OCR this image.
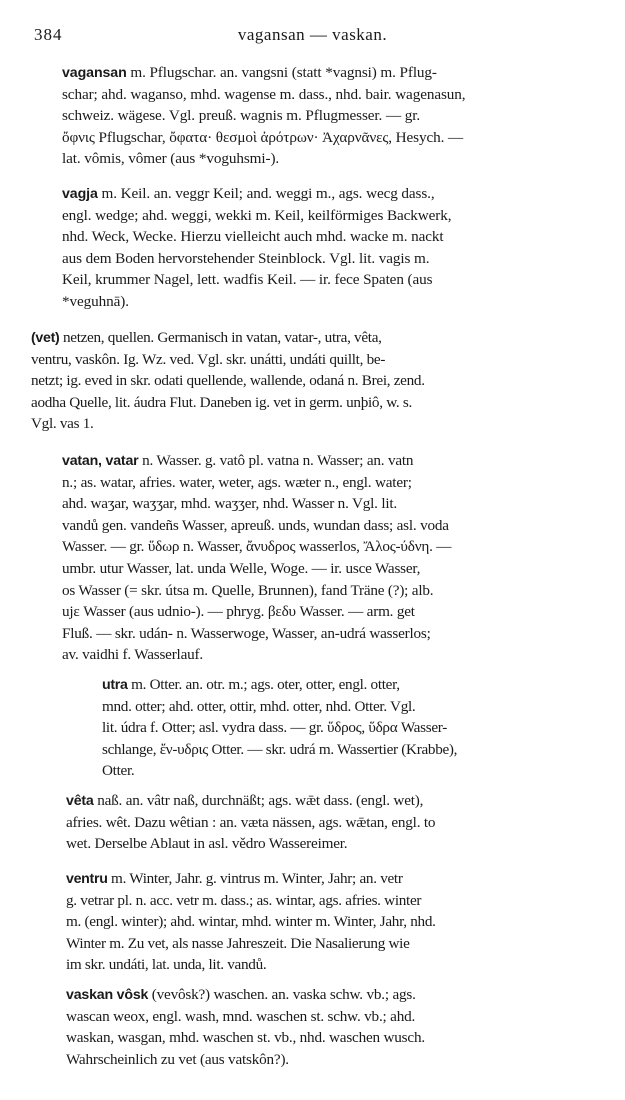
384	vagansan — vaskan.
vagansan m. Pflugschar. an. vangsni (statt *vagnsi) m. Pflug-
schar; ahd. waganso, mhd. wagense m. dass., nhd. bair. wagenasun,
schweiz. wägese. Vgl. preuß. wagnis m. Pflugmesser. — gr.
ὄφνις Pflugschar, ὄφατα· θεσμοὶ ἀρότρων· Ἀχαρνᾶνες, Hesych. —
lat. vômis, vômer (aus *voguhsmi-).
vagja m. Keil. an. veggr Keil; and. weggi m., ags. wecg dass.,
engl. wedge; ahd. weggi, wekki m. Keil, keilförmiges Backwerk,
nhd. Weck, Wecke. Hierzu vielleicht auch mhd. wacke m. nackt
aus dem Boden hervorstehender Steinblock. Vgl. lit. vagis m.
Keil, krummer Nagel, lett. wadfis Keil. — ir. fece Spaten (aus
*veguhnā).
(vet) netzen, quellen. Germanisch in vatan, vatar-, utra, vêta,
ventru, vaskôn. Ig. Wz. ved. Vgl. skr. unátti, undáti quillt, be-
netzt; ig. eved in skr. odati quellende, wallende, odaná n. Brei, zend.
aodha Quelle, lit. áudra Flut. Daneben ig. vet in germ. unþiô, w. s.
Vgl. vas 1.
vatan, vatar n. Wasser. g. vatô pl. vatna n. Wasser; an. vatn
n.; as. watar, afries. water, weter, ags. wæter n., engl. water;
ahd. waʒar, waʒʒar, mhd. waʒʒer, nhd. Wasser n. Vgl. lit.
vandů gen. vandeñs Wasser, apreuß. unds, wundan dass; asl. voda
Wasser. — gr. ὕδωρ n. Wasser, ἄνυδρος wasserlos, Ἄλος-ύδνη. —
umbr. utur Wasser, lat. unda Welle, Woge. — ir. usce Wasser,
os Wasser (= skr. útsa m. Quelle, Brunnen), fand Träne (?); alb.
ujε Wasser (aus udnio-). — phryg. βεδυ Wasser. — arm. get
Fluß. — skr. udán- n. Wasserwoge, Wasser, an-udrá wasserlos;
av. vaidhi f. Wasserlauf.
utra m. Otter. an. otr. m.; ags. oter, otter, engl. otter,
mnd. otter; ahd. otter, ottir, mhd. otter, nhd. Otter. Vgl.
lit. údra f. Otter; asl. vydra dass. — gr. ὕδρος, ὕδρα Wasser-
schlange, ἔν-υδρις Otter. — skr. udrá m. Wassertier (Krabbe),
Otter.
vêta naß. an. vâtr naß, durchnäßt; ags. wǣt dass. (engl. wet),
afries. wêt. Dazu wêtian : an. væta nässen, ags. wǣtan, engl. to
wet. Derselbe Ablaut in asl. vědro Wassereimer.
ventru m. Winter, Jahr. g. vintrus m. Winter, Jahr; an. vetr
g. vetrar pl. n. acc. vetr m. dass.; as. wintar, ags. afries. winter
m. (engl. winter); ahd. wintar, mhd. winter m. Winter, Jahr, nhd.
Winter m. Zu vet, als nasse Jahreszeit. Die Nasalierung wie
im skr. undáti, lat. unda, lit. vandů.
vaskan vôsk (vevôsk?) waschen. an. vaska schw. vb.; ags.
wascan weox, engl. wash, mnd. waschen st. schw. vb.; ahd.
waskan, wasgan, mhd. waschen st. vb., nhd. waschen wusch.
Wahrscheinlich zu vet (aus vatskôn?).
